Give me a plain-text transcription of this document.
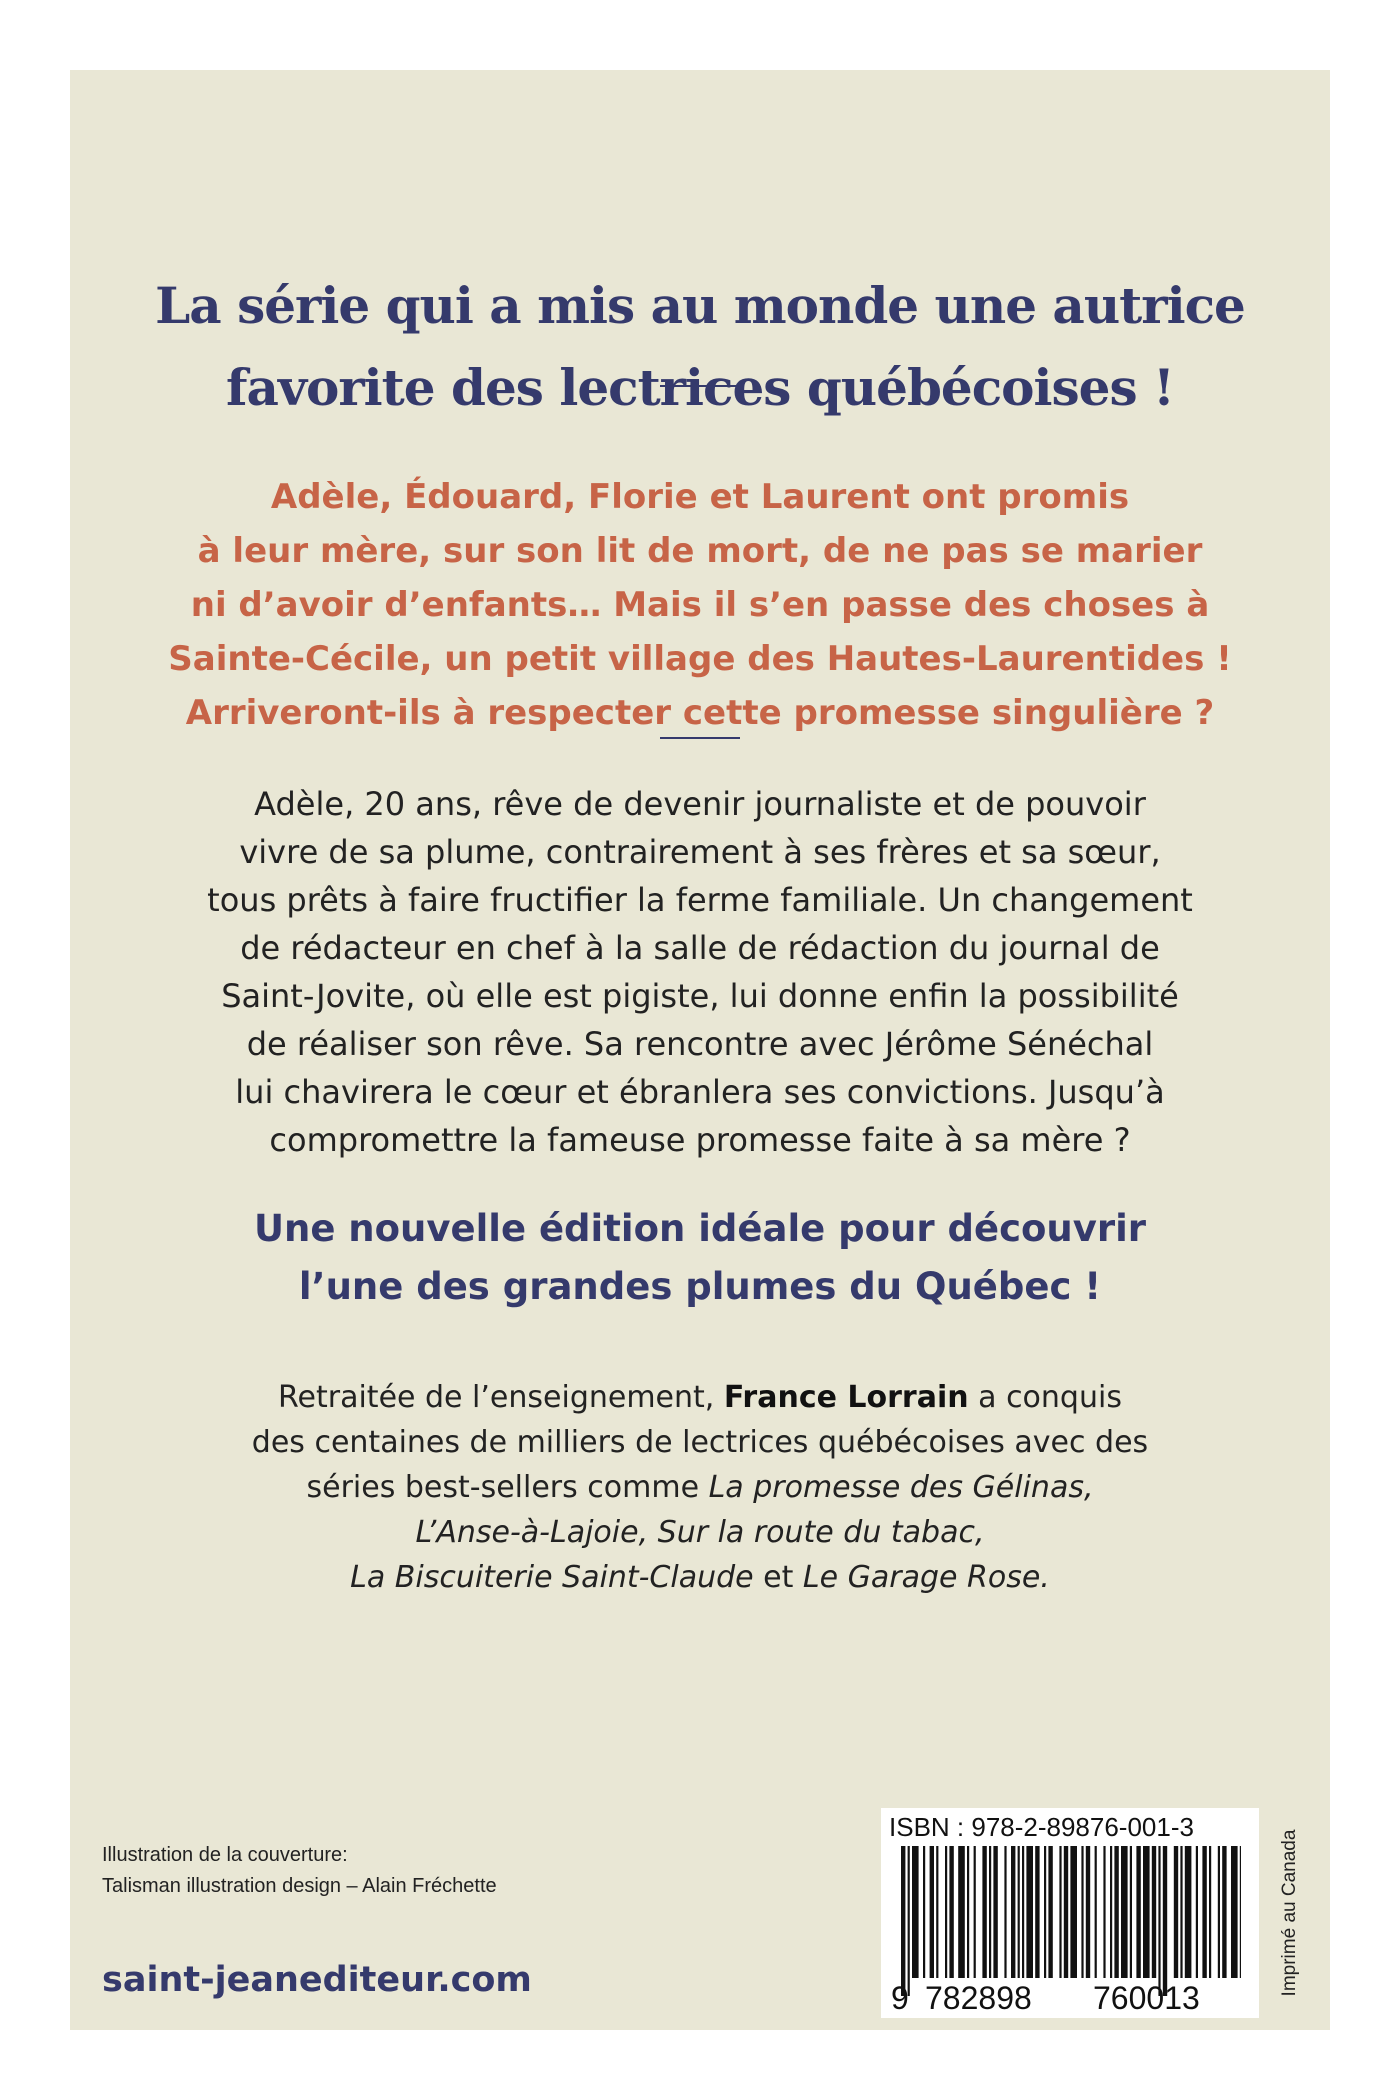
La série qui a mis au monde une autrice
favorite des lectrices québécoises !
Adèle, Édouard, Florie et Laurent ont promis
à leur mère, sur son lit de mort, de ne pas se marier
ni d’avoir d’enfants… Mais il s’en passe des choses à
Sainte-Cécile, un petit village des Hautes-Laurentides !
Arriveront-ils à respecter cette promesse singulière ?
Adèle, 20 ans, rêve de devenir journaliste et de pouvoir
vivre de sa plume, contrairement à ses frères et sa sœur,
tous prêts à faire fructifier la ferme familiale. Un changement
de rédacteur en chef à la salle de rédaction du journal de
Saint-Jovite, où elle est pigiste, lui donne enfin la possibilité
de réaliser son rêve. Sa rencontre avec Jérôme Sénéchal
lui chavirera le cœur et ébranlera ses convictions. Jusqu’à
compromettre la fameuse promesse faite à sa mère ?
Une nouvelle édition idéale pour découvrir
l’une des grandes plumes du Québec !
Retraitée de l’enseignement, France Lorrain a conquis
des centaines de milliers de lectrices québécoises avec des
séries best-sellers comme La promesse des Gélinas,
L’Anse-à-Lajoie, Sur la route du tabac,
La Biscuiterie Saint-Claude et Le Garage Rose.
Illustration de la couverture:
Talisman illustration design – Alain Fréchette
saint-jeanediteur.com
ISBN : 978-2-89876-001-3
9 782898 760013
Imprimé au Canada
